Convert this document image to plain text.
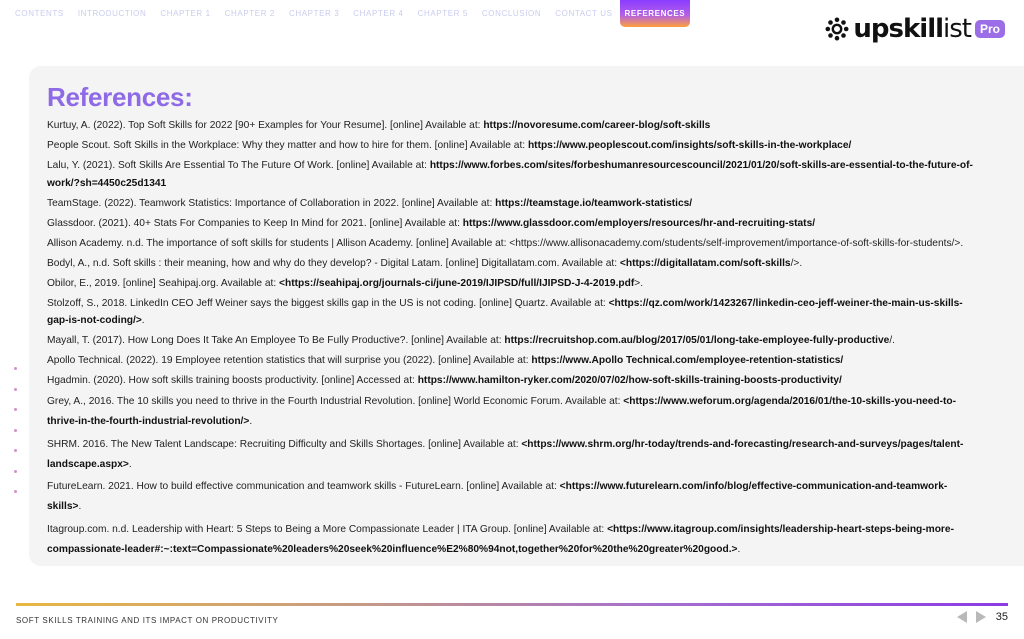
CONTENTS	INTRODUCTION	CHAPTER 1	CHAPTER 2	CHAPTER 3	CHAPTER 4	CHAPTER 5	CONCLUSION	CONTACT US	REFERENCES
upskillist Pro
References:

Kurtuy, A. (2022). Top Soft Skills for 2022 [90+ Examples for Your Resume]. [online] Available at: https://novoresume.com/career-blog/soft-skills

People Scout. Soft Skills in the Workplace: Why they matter and how to hire for them. [online] Available at: https://www.peoplescout.com/insights/soft-skills-in-the-workplace/

Lalu, Y. (2021). Soft Skills Are Essential To The Future Of Work. [online] Available at: https://www.forbes.com/sites/forbeshumanresourcescouncil/2021/01/20/soft-skills-are-essential-to-the-future-of-work/?sh=4450c25d1341

TeamStage. (2022). Teamwork Statistics: Importance of Collaboration in 2022. [online] Available at: https://teamstage.io/teamwork-statistics/

Glassdoor. (2021). 40+ Stats For Companies to Keep In Mind for 2021. [online] Available at: https://www.glassdoor.com/employers/resources/hr-and-recruiting-stats/

Allison Academy. n.d. The importance of soft skills for students | Allison Academy. [online] Available at: <https://www.allisonacademy.com/students/self-improvement/importance-of-soft-skills-for-students/>.

Bodyl, A., n.d. Soft skills : their meaning, how and why do they develop? - Digital Latam. [online] Digitallatam.com. Available at: <https://digitallatam.com/soft-skills/>.

Obilor, E., 2019. [online] Seahipaj.org. Available at: <https://seahipaj.org/journals-ci/june-2019/IJIPSD/full/IJIPSD-J-4-2019.pdf>.

Stolzoff, S., 2018. LinkedIn CEO Jeff Weiner says the biggest skills gap in the US is not coding. [online] Quartz. Available at: <https://qz.com/work/1423267/linkedin-ceo-jeff-weiner-the-main-us-skills-gap-is-not-coding/>.

Mayall, T. (2017). How Long Does It Take An Employee To Be Fully Productive?. [online] Available at: https://recruitshop.com.au/blog/2017/05/01/long-take-employee-fully-productive/.

Apollo Technical. (2022). 19 Employee retention statistics that will surprise you (2022). [online] Available at: https://www.Apollo Technical.com/employee-retention-statistics/

Hgadmin. (2020). How soft skills training boosts productivity. [online] Accessed at: https://www.hamilton-ryker.com/2020/07/02/how-soft-skills-training-boosts-productivity/

Grey, A., 2016. The 10 skills you need to thrive in the Fourth Industrial Revolution. [online] World Economic Forum. Available at: <https://www.weforum.org/agenda/2016/01/the-10-skills-you-need-to-thrive-in-the-fourth-industrial-revolution/>.

SHRM. 2016. The New Talent Landscape: Recruiting Difficulty and Skills Shortages. [online] Available at: <https://www.shrm.org/hr-today/trends-and-forecasting/research-and-surveys/pages/talent-landscape.aspx>.

FutureLearn. 2021. How to build effective communication and teamwork skills - FutureLearn. [online] Available at: <https://www.futurelearn.com/info/blog/effective-communication-and-teamwork-skills>.

Itagroup.com. n.d. Leadership with Heart: 5 Steps to Being a More Compassionate Leader | ITA Group. [online] Available at: <https://www.itagroup.com/insights/leadership-heart-steps-being-more-compassionate-leader#:~:text=Compassionate%20leaders%20seek%20influence%E2%80%94not,together%20for%20the%20greater%20good.>.

SOFT SKILLS TRAINING AND ITS IMPACT ON PRODUCTIVITY	35
